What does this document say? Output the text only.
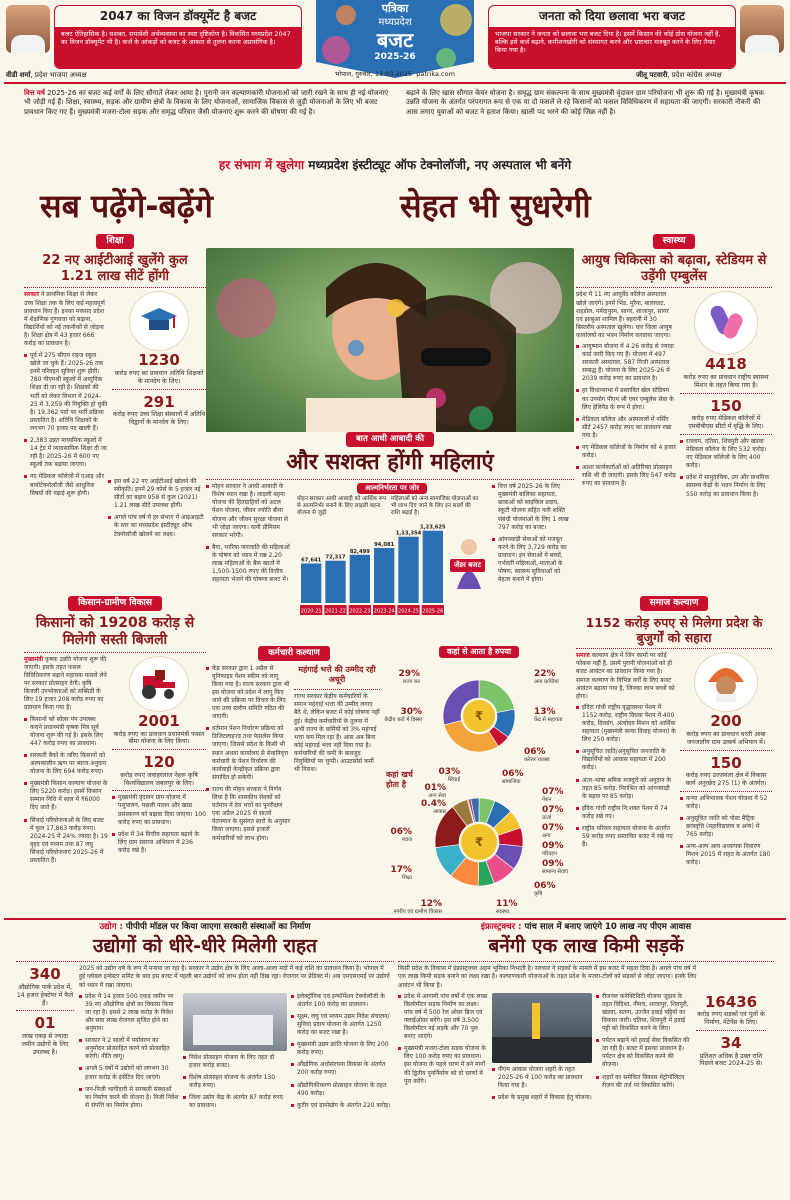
2047 का विजन डॉक्यूमेंट है बजट
बजट ऐतिहासिक है। सशक्त, समावेशी अर्थव्यवस्था का स्पष्ट दृष्टिकोण है। विकसित मध्यप्रदेश 2047 का विजन डॉक्यूमेंट भी है। कर्ज के आंकड़ों को बजट के आकार से तुलना करना अप्रासंगिक है।
वीडी शर्मा, प्रदेश भाजपा अध्यक्ष
पत्रिका
मध्यप्रदेश
बजट
2025-26
भोपाल, गुरुवार, 13.03.2025 patrika.com
जनता को दिया छलावा भरा बजट
भाजपा सरकार ने जनता को छलावा भरा बजट दिया है। इसमें किसान की कोई ठोस योजना नहीं है, बल्कि इसे कर्ज बढ़ाने, कमीशनखोरी को संस्थागत करने और भ्रष्टाचार मजबूत करने के लिए तैयार किया गया है।
जीतू पटवारी, प्रदेश कांग्रेस अध्यक्ष
वित्त वर्ष 2025-26 का बजट कई वर्गों के लिए सौगातें लेकर आया है। पुरानी जन कल्याणकारी योजनाओं को जारी रखने के साथ ही नई योजनाएं भी जोड़ी गई हैं। शिक्षा, स्वास्थ्य, सड़क और ग्रामीण क्षेत्रों के विकास के लिए योजनाओं, सामाजिक विकास से जुड़ी योजनाओं के लिए भी बजट प्रावधान किए गए हैं। मुख्यमंत्री मजरा-टोला सड़क और समृद्ध परिवार जैसी योजनाएं शुरू करने की घोषणा की गई है।
बढ़ाने के लिए खास सौगात केयर योजना है। समृद्ध ग्राम संकल्पना के साथ मुख्यमंत्री वृंदावन ग्राम परियोजना भी शुरू की गई है। मुख्यमंत्री कृषक उन्नति योजना के अंतर्गत परंपरागत रूप से एक या दो फसलें ले रहे किसानों को फसल विविधिकरण में सहायता की जाएगी। सरकारी नौकरी की आस लगाए युवाओं को बजट ने हताश किया। खाली पद भरने की कोई जिक्र नहीं है।
हर संभाग में खुलेगा मध्यप्रदेश इंस्टीट्यूट ऑफ टेक्नोलॉजी, नए अस्पताल भी बनेंगे
सब पढ़ेंगे-बढ़ेंगे	सेहत भी सुधरेगी
शिक्षा
22 नए आईटीआई खुलेंगे कुल 1.21 लाख सीटें होंगी
सरकार ने प्राथमिक शिक्षा से लेकर उच्च शिक्षा तक के लिए कई महत्वपूर्ण प्रावधान किए हैं। इनका मकसद प्रदेश में शैक्षणिक गुणवत्ता को बढ़ाना, विद्यार्थियों को नई तकनीकों से जोड़ना है। शिक्षा क्षेत्र में 43 हजार 666 करोड़ का प्रावधान है।
पूर्व में 275 सीएम राइज स्कूल खोले जा चुके हैं। 2025-26 तक इनमें परिवहन सुविधा शुरू होगी। 780 पीएमश्री स्कूलों में आधुनिक शिक्षा दी जा रही है। शिक्षकों की भर्ती को लेकर विभाग में 2024-25 में 3,259 की नियुक्ति हो चुकी है। 19,362 पदों पर भर्ती प्रक्रिया प्रस्तावित है। अतिथि शिक्षकों के लगभग 70 हजार पद खाली हैं।
2,383 उन्नत माध्यमिक स्कूलों में 14 ट्रेड में व्यावसायिक शिक्षा दी जा रही है। 2025-26 में 600 नए स्कूलों तक बढ़ाया जाएगा।
नए मेडिकल कॉलेजों में एआइ और बायोटेक्नोलॉजी जैसे आधुनिक विषयों की पढ़ाई शुरू होगी।
1230
करोड़ रुपए का प्रावधान अतिथि शिक्षकों के मानदेय के लिए।
291
करोड़ रुपए उच्च शिक्षा संस्थानों में अतिथि विद्वानों के मानदेय के लिए।
इस वर्ष 22 नए आईटीआई खोलने की स्वीकृति। इनमें 29 कोर्स के 5 हजार नई सीटों का बढ़ाव 958 से कुल (2021) 1.21 लाख सीटें उपलब्ध होंगी।
अगले पांच वर्ष में हर संभाग में आइआइटी के स्तर का मध्यप्रदेश इंस्टीट्यूट ऑफ टेक्नोलॉजी खोलने का लक्ष्य।
स्वास्थ्य
आयुष चिकित्सा को बढ़ावा, स्टेडियम से उड़ेंगी एम्बुलेंस
प्रदेश में 11 नए आयुर्वेद कॉलेज अस्पताल खोले जाएंगे। इनमें भिंड, मुरैना, बालाघाट, शहडोल, नर्मदापुरम, सागर, शाजापुर, सागर एवं झाबुआ शामिल हैं। बहरानी में 30 बिस्तरीय अस्पताल खुलेगा। चार जिला आयुष कार्यालयों का भवन निर्माण करवाया जाएगा।
आयुष्मान योजना में 4.26 करोड़ से ज्यादा कार्ड जारी किए गए हैं। योजना में 497 सरकारी अस्पताल, 587 निजी अस्पताल सम्बद्ध हैं। योजना के लिए 2025-26 में 2039 करोड़ रुपए का प्रावधान है।
हर विधानसभा में प्रस्तावित खेल स्टेडियम का उपयोग पीएम श्री एयर एम्बुलेंस सेवा के लिए हेलिपैड के रूप में होगा।
मेडिकल कॉलेज और अस्पतालों में नर्सिंग सीटें 2457 करोड़ रुपए का प्रावधान रखा गया है।
नए मेडिकल कॉलेजों के निर्माण को 4 हजार करोड़।
आशा कार्यकर्ताओं को अतिरिक्त प्रोत्साहन राशि भी दी जाएगी। इसके लिए 547 करोड़ रुपए का प्रावधान है।
4418
करोड़ रुपए का प्रावधान राष्ट्रीय स्वास्थ्य मिशन के तहत किया गया है।
150
करोड़ रुपए मेडिकल कॉलेजों में एमबीबीएस सीटों में वृद्धि के लिए।
रतलाम, दतिया, शिवपुरी और खंडवा मेडिकल कॉलेज के लिए 532 करोड़। नए मेडिकल कॉलेजों के लिए 400 करोड़।
प्रदेश में सामुदायिक, उप और प्राथमिक स्वास्थ्य केंद्रों के भवन निर्माण के लिए 550 करोड़ का प्रावधान किया है।
बात आधी आबादी की
और सशक्त होंगी महिलाएं
मोहन सरकार ने आधी आबादी के विशेष ध्यान रखा है। लाड़ली बहना योजना की हितग्राहियों को अटल पेंशन योजना, जीवन ज्योति बीमा योजना और जीवन सुरक्षा योजना से भी जोड़ा जाएगा। यानी प्रीमियम सरकार भरेगी।
बैगा, भारिया जनजाति की महिलाओं के पोषण को ध्यान में रख 2.20 लाख महिलाओं के बैंक खातों में 1,500-1500 रुपए की वित्तीय सहायता भेजने की घोषणा बजट में।
आत्मनिर्भरता पर जोर
मोहन सरकार आधी आबादी को आर्थिक रूप से आत्मनिर्भर बनाने के लिए लाड़ली बहना योजना से जुड़ी
महिलाओं को अन्य सामाजिक योजनाओं का भी लाभ दिए जाने के लिए इन सालों की राशि बढ़ाई है।
67,641
2020-21
72,317
2021-22
82,499
2022-23
94,081
2023-24
1,13,354
2024-25
1,23,625
2025-26
जेंडर बजट
वित्त वर्ष 2025-26 के लिए मुख्यमंत्री बालिका सहायता, छात्राओं को साइकिल प्रदाय, स्कूटी योजना सहित नारी शक्ति संबंधी योजनाओं के लिए 1 लाख 797 करोड़ का बजट।
आंगनवाड़ी सेवाओं को मजबूत करने के लिए 3,729 करोड़ का प्रावधान। इन सेवाओं में बच्चों, गर्भवती महिलाओं, माताओं के पोषण, स्वास्थ्य सुविधाओं को बेहतर बनाने में होगा।
किसान-ग्रामीण विकास
किसानों को 19208 करोड़ से मिलेगी सस्ती बिजली
मुख्यमंत्री कृषक उन्नति योजना शुरू की जाएगी। इसके तहत फसल विविधिकरण बढ़ाने सहायक फसलें लेने पर सरकार प्रोत्साहन देगी। कृषि बिजली उपभोक्ताओं को सब्सिडी के लिए 19 हजार 208 करोड़ रुपए का प्रावधान किया गया है।
किसानों को सोलर पंप उपलब्ध कराने प्रधानमंत्री कृषक मित्र सूर्य योजना शुरू की गई है। इसके लिए 447 करोड़ रुपए का प्रावधान।
सरकारी बैंकों के जरिए किसानों को अल्पकालीन ऋण पर ब्याज अनुदान योजना के लिए 694 करोड़ रुपए।
मुख्यमंत्री किसान कल्याण योजना के लिए 5220 करोड़। इसमें किसान सम्मान निधि में साल में ₹6000 दिए जाते हैं।
सिंचाई परियोजनाओं के लिए बजट में कुल 17,863 करोड़ रुपए। 2024-25 में 24% ज्यादा है। 19 वृहद एवं मध्यम तथा 87 लघु सिंचाई परियोजनाएं 2025-26 में प्रस्तावित हैं।
2001
करोड़ रुपए का प्रावधान प्रधानमंत्री फसल बीमा योजना के लिए किया।
120
करोड़ रुपए जवाहरलाल नेहरू कृषि विश्वविद्यालय जबलपुर के लिए।
मुख्यमंत्री वृंदावन ग्राम योजना में पशुपालन, मछली पालन और खाद्य प्रसंस्करण को बढ़ावा दिया जाएगा। 100 करोड़ रुपए का प्रावधान।
प्रदेश में 34 वित्तीय सहायता बढ़ाने के लिए ग्राम स्वराज अभियान में 236 करोड़ रखे हैं।
कर्मचारी कल्याण
केंद्र सरकार द्वारा 1 अप्रैल से यूनिफाइड पेंशन स्कीम को लागू किया गया है। राज्य सरकार द्वारा भी इस योजना को प्रदेश में लागू किए जाने की प्रक्रिया पर विचार के लिए एक उच्च स्तरीय समिति गठित की जाएगी।
वर्तमान पेंशन निर्धारण प्रक्रिया को डिजिटलाइज्ड तथा फेसलेस किया जाएगा। जिससे प्रदेश के किसी भी स्थान अथवा कार्यालय से सेवानिवृत्त कर्मचारी के पेंशन निर्धारण की कार्यवाही केन्द्रीकृत प्रक्रिया द्वारा संपादित हो सकेगी।
राज्य की मोहन सरकार ने निर्णय लिया है कि शासकीय सेवकों को वर्तमान में देय भत्तों का पुनरीक्षण एक अप्रैल 2025 से सातवें वेतनमान के सुसंगत स्तरों के अनुसार किया जाएगा। इससे हजारों कर्मचारियों को लाभ होगा।
महंगाई भत्ते की उम्मीद रही अधूरी
राज्य सरकार केंद्रीय कर्मचारियों के समान महंगाई भत्ता की उम्मीद लगाए बैठे थे, लेकिन बजट में कोई घोषणा नहीं हुई। केंद्रीय कर्मचारियों के तुलना में अभी राज्य के कर्मियों को 3% महंगाई भत्ता कम मिल रहा है। आस अब बिना कोई महंगाई भत्ता नहीं दिया गया है। कर्मचारियों की कमी के बावजूद नियुक्तियों पर चुप्पी। आउटसोर्स कर्मी भी निराश।
कहां से आता है रुपया
₹
22%
अन्य प्राप्तियां
13%
केंद्र से सहायता
06%
करेत्तर राजस्व
30%
केंद्रीय करों में हिस्सा
29%
राज्य कर
कहां खर्च होता है
₹
06%
सामाजिक
07%
पेंशन
07%
ऊर्जा
07%
अन्य
09%
परिवहन
09%
सामान्य सेवाएं
06%
कृषि
11%
स्वास्थ्य
12%
नगरीय एवं ग्रामीण विकास
17%
शिक्षा
06%
ब्याज
0.4%
आवास
01%
अन्य सेवा
03%
सिंचाई
समाज कल्याण
1152 करोड़ रुपए से मिलेगा प्रदेश के बुजुर्गों को सहारा
समाज कल्याण क्षेत्र में जिन कामों पर कोई फोकस नहीं है, उसमें पुरानी योजनाओं को ही बजट आवंटन का प्रावधान किया गया है। समाज कल्याण के विभिन्न वर्गों के लिए बजट आवंटन बढ़ाया गया है, जिनका लाभ बच्चों को होगा।
इंदिरा गांधी राष्ट्रीय वृद्धावस्था पेंशन में 1152 करोड़, राष्ट्रीय विधवा पेंशन में 400 करोड़, दिव्यांग, अंत्योदय मिशन को आर्थिक सहायता (मुख्यमंत्री कन्या विवाह योजना) के लिए 250 करोड़।
अनुसूचित जाति/अनुसूचित जनजाति के विद्यार्थियों को आवास सहायता में 200 करोड़।
अंतर-भाषा श्रमिक मजदूरों को अनुदान के तहत 85 करोड़, निराश्रित को आंगनवाड़ी के बढ़ाव पर 85 करोड़।
इंदिरा गांधी राष्ट्रीय नि:शक्त पेंशन में 74 करोड़ रखे गए।
राष्ट्रीय परिवार सहायता योजना के अंतर्गत 59 करोड़ रुपए प्रस्तावित बजट में रखे गए हैं।
200
करोड़ रुपए का प्रावधान धरती आबा जनजातीय ग्राम उत्कर्ष अभियान में।
150
करोड़ रुपए उज्जवला क्षेत्र में विकास कार्य अनुच्छेद 275 (1) के अंतर्गत।
कन्या अभिभावक पेंशन योजना में 52 करोड़।
अनुसूचित जाति को पोस्ट मैट्रिक छात्रवृत्ति (महाविद्यालय व अन्य) में 765 करोड़।
अन्य-अल्प आय अध्यापक निवारण मिशन 2015 में राहत के अंतर्गत 180 करोड़।
उद्योग : पीपीपी मॉडल पर किया जाएगा सरकारी संस्थाओं का निर्माण
उद्योगों को धीरे-धीरे मिलेगी राहत
340
औद्योगिक पार्क प्रदेश में, 14 हजार हेक्टेयर में फैले हैं।
01
लाख एकड़ से ज्यादा जमीन उद्योगों के लिए उपलब्ध है।
2025 को उद्योग वर्ष के रूप में मनाया जा रहा है। सरकार ने उद्योग क्षेत्र के लिए आला-आला मदों में कई राशि का प्रावधान किया है। भोपाल में हुई ग्लोबल इन्वेस्टर समिट के बाद इस बजट में पहली बार उद्योगों को लाभ होता नहीं दिख रहा। रोजगार पर प्रेडिक्ट में। अब एमएसएमई पर उद्योगों को ध्यान में रखा जाएगा।
प्रदेश में 14 हजार 500 एकड़ जमीन पर 39 नए औद्योगिक क्षेत्रों का विकास किया जा रहा है। इससे 2 लाख करोड़ के निवेश और सवा लाख रोजगार सृजित होने का अनुमान।
सरकार ने 2 सालों में पर्यावरण का अनुमोदन प्रोत्साहित करने को प्रोत्साहित करेगी। नीति लागू।
अगले 5 वर्षों में उद्योगों को लगभग 30 हजार करोड़ के इंसेंटिव दिए जाएंगे।
जन-निजी भागीदारी से सरकारी संस्थाओं का निर्माण करने की योजना है। निजी निवेश से संपत्ति का निर्माण होगा।
निवेश प्रोत्साहन योजना के लिए तहत दो हजार करोड़ बजट।
विशेष प्रोत्साहन योजना के अंतर्गत 130 करोड़ रुपए।
जिला उद्योग केंद्र के अंतर्गत 87 करोड़ रुपए का प्रावधान।
इलेक्ट्रॉनिक एवं इन्फॉर्मेशन टेक्नोलॉजी के अंतर्गत 100 करोड़ का प्रावधान।
सूक्ष्म, लघु एवं मध्यम उद्यम निदेश संचालन/सुविधा प्रदाय योजना के अंतर्गत 1250 करोड़ का बजट रखा है।
मुख्यमंत्री उद्यम क्रांति योजना के लिए 200 करोड़ रुपए।
औद्योगिक अधोसंरचना विकास के अंतर्गत 200 करोड़ रुपए।
औद्योगिकीकरण प्रोत्साहन योजना के तहत 490 करोड़।
कुटीर एवं ग्रामोद्योग के अंतर्गत 220 करोड़।
इंफ्रास्ट्रक्चर : पांच साल में बनाए जाएंगे 10 लाख नए पीएम आवास
बनेंगी एक लाख किमी सड़कें
किसी प्रदेश के विकास में इंफ्रास्ट्रक्चर अहम भूमिका निभाती है। सरकार ने सड़कों के मामले में इस बजट में महत्व दिया है। अगले पांच वर्ष में एक लाख किमी सड़क बनाने का लक्ष्य रखा है। कल्याणकारी योजनाओं के तहत प्रदेश के मजरा-टोलों को सड़कों से जोड़ा जाएगा। इनके लिए आवंटन भी किया है।
प्रदेश में आगामी पांच वर्षों में एक लाख किलोमीटर सड़क निर्माण का लक्ष्य। पांच वर्ष में 500 रेल ओवर ब्रिज एवं फ्लाईओवर बनेंगे। इस वर्ष 3,500 किलोमीटर नई सड़कें और 70 पुल बनाए जाएंगे।
मुख्यमंत्री मजरा-टोला सड़क योजना के लिए 100 करोड़ रुपए का प्रावधान। इस योजना के पहले चरण में बने मार्गों की द्वितीय पुनर्निर्माण को दो चरणों में पूरा करेंगे।
पीएम आवास योजना शहरी के तहत 2025-26 में 100 करोड़ का प्रावधान किया गया है।
प्रदेश के प्रमुख शहरों में विकास हेतु योजना।
रीजनल कनेक्टिविटी योजना जुड़ाव के तहत विदिशा, नीमच, शाजापुर, शिवपुरी, खंडवा, सतना, उज्जैन हवाई पट्टियों का विकास जारी। दतिया, शिवपुरी में हवाई पट्टी को विकसित करने के लिए।
पर्यटन बढ़ाने को हवाई सेवा विकसित की जा रही है। बजट में इसका प्रावधान है। पर्यटन क्षेत्र को विकसित करने की योजना।
शहरों का समेकित विकास मेट्रोपॉलिटन रीजन की तर्ज पर विकसित करेंगे।
16436
करोड़ रुपए सड़कों एवं पुलों के निर्माण, मेंटेनेंस के लिए।
34
प्रतिशत अधिक है उक्त राशि पिछले बजट 2024-25 से।
